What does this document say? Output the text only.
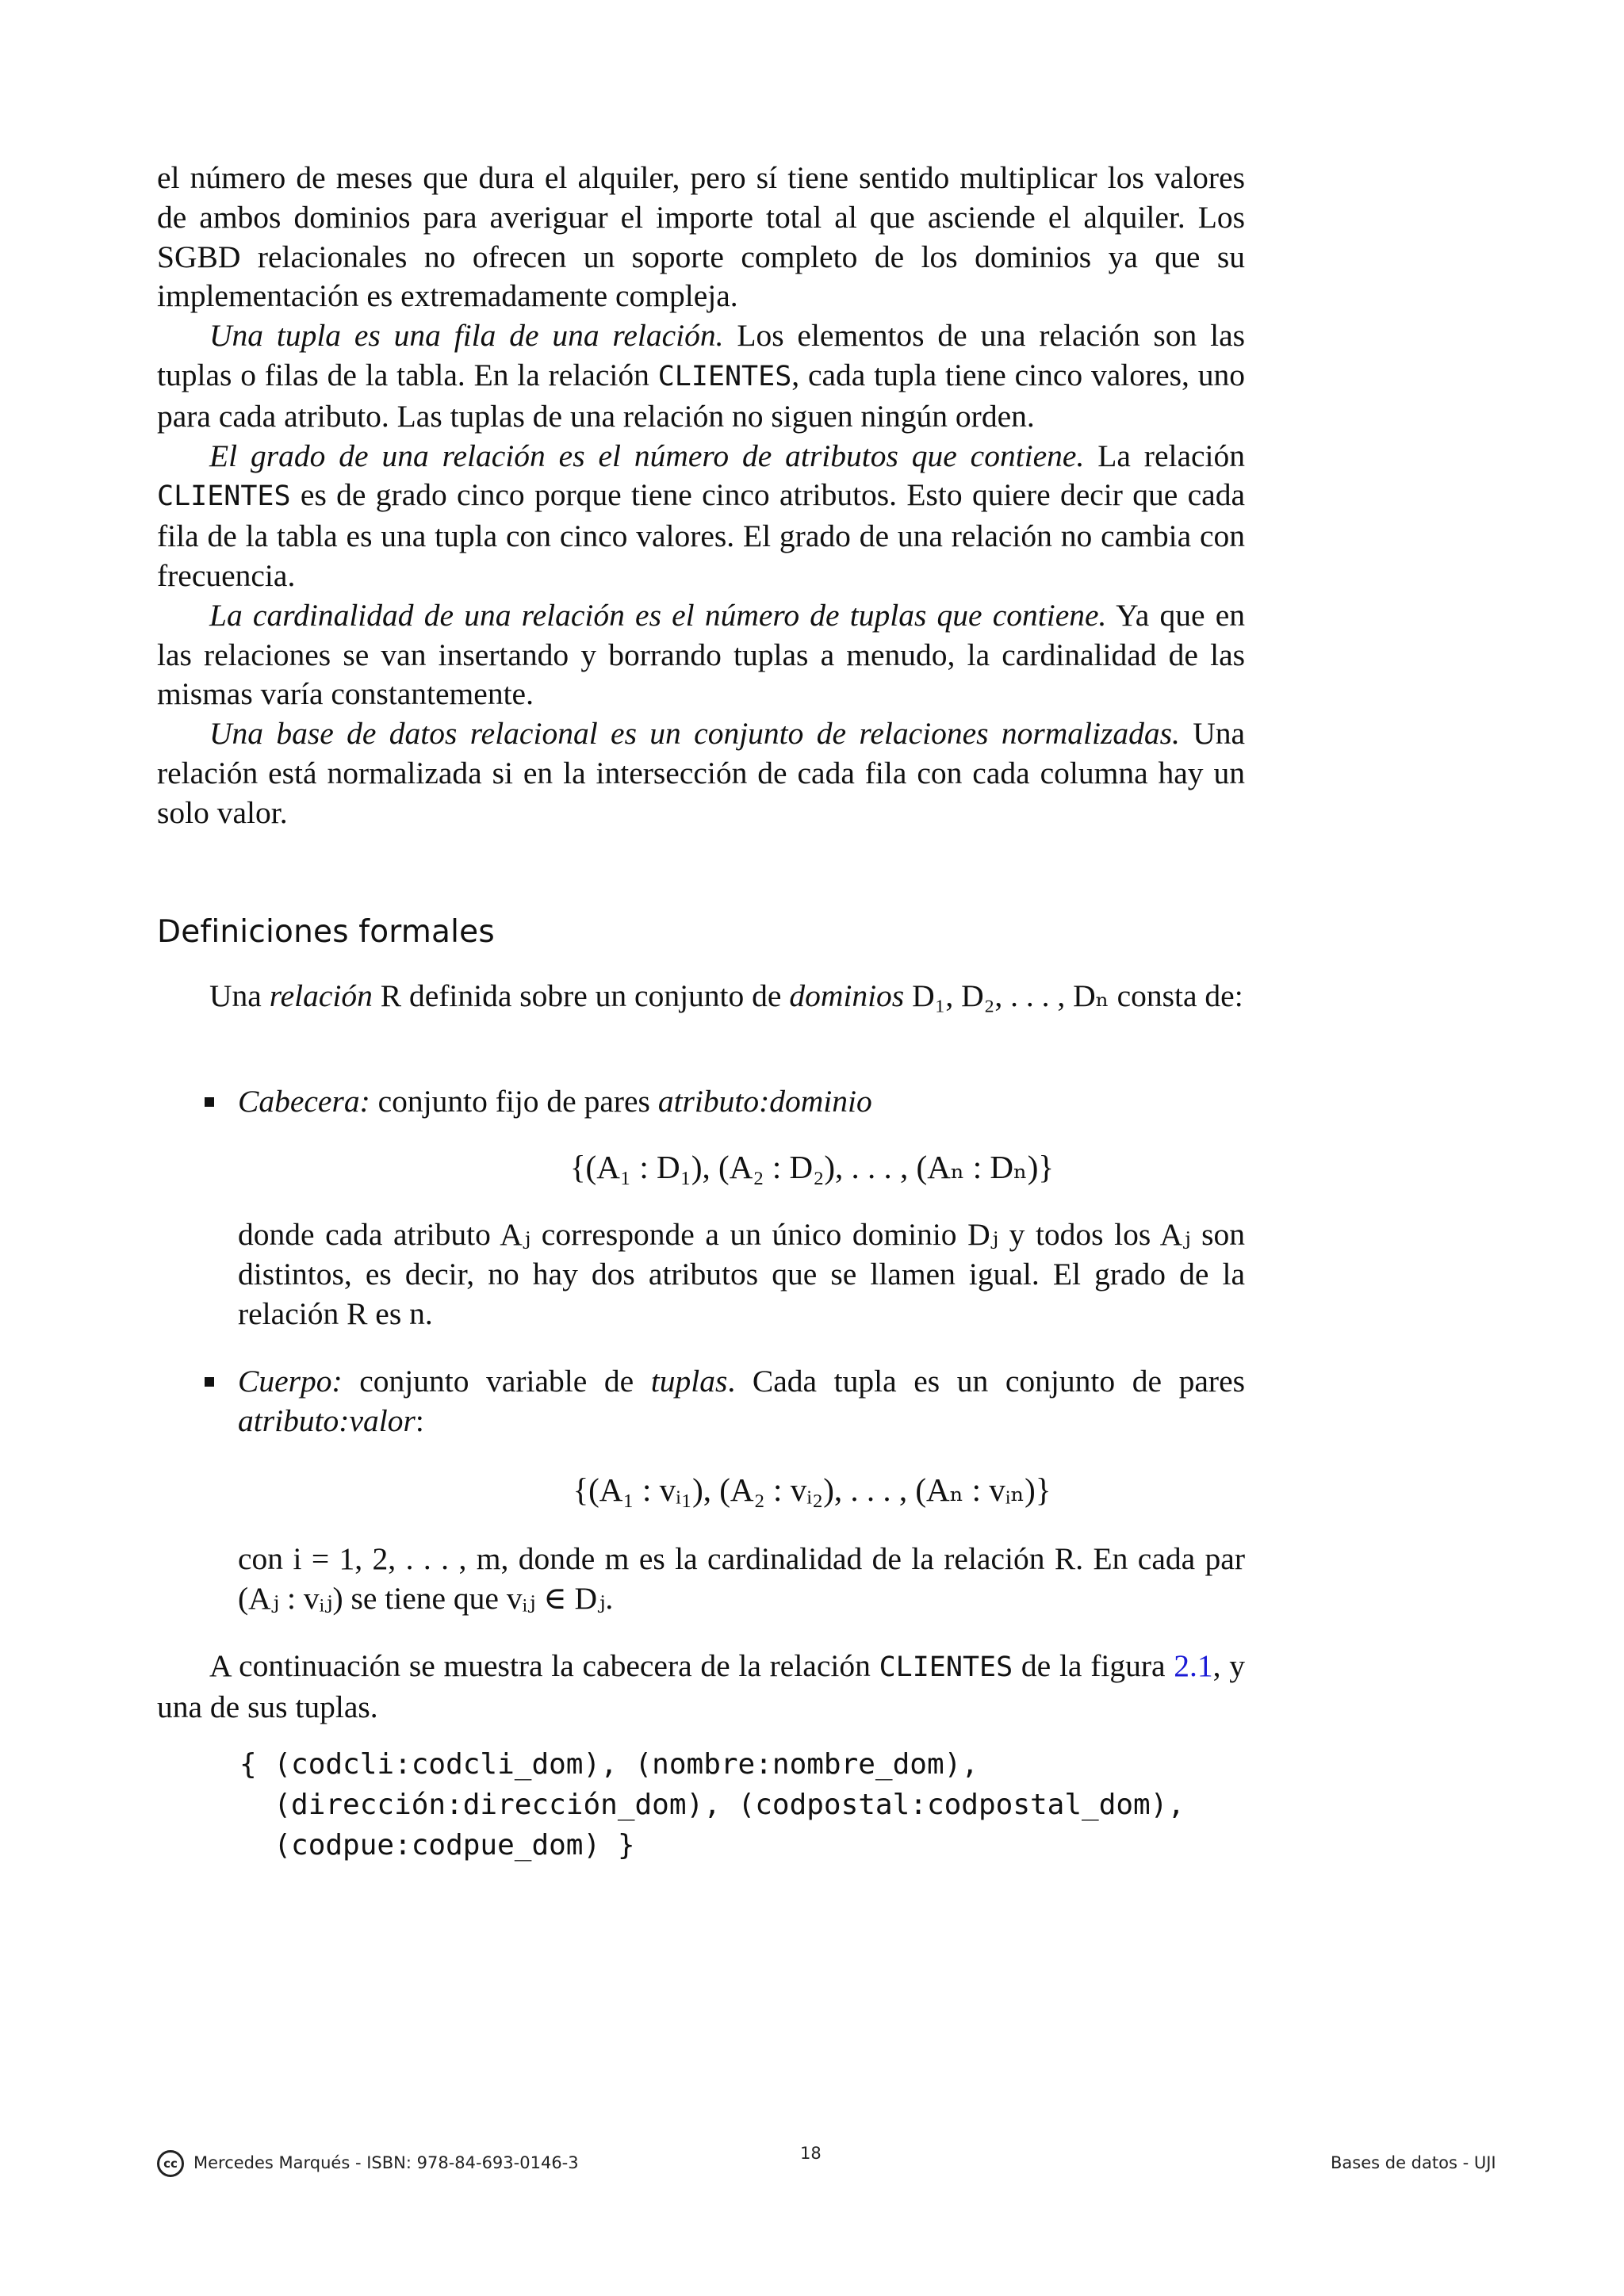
el número de meses que dura el alquiler, pero sí tiene sentido multiplicar los valores de ambos dominios para averiguar el importe total al que asciende el alquiler. Los SGBD relacionales no ofrecen un soporte completo de los dominios ya que su implementación es extremadamente compleja.

Una tupla es una fila de una relación. Los elementos de una relación son las tuplas o filas de la tabla. En la relación CLIENTES, cada tupla tiene cinco valores, uno para cada atributo. Las tuplas de una relación no siguen ningún orden.

El grado de una relación es el número de atributos que contiene. La relación CLIENTES es de grado cinco porque tiene cinco atributos. Esto quiere decir que cada fila de la tabla es una tupla con cinco valores. El grado de una relación no cambia con frecuencia.

La cardinalidad de una relación es el número de tuplas que contiene. Ya que en las relaciones se van insertando y borrando tuplas a menudo, la cardinalidad de las mismas varía constantemente.

Una base de datos relacional es un conjunto de relaciones normalizadas. Una relación está normalizada si en la intersección de cada fila con cada columna hay un solo valor.

Definiciones formales

Una relación R definida sobre un conjunto de dominios D₁, D₂, . . . , Dₙ consta de:

Cabecera: conjunto fijo de pares atributo:dominio
{(A₁ : D₁), (A₂ : D₂), . . . , (Aₙ : Dₙ)}
donde cada atributo Aⱼ corresponde a un único dominio Dⱼ y todos los Aⱼ son distintos, es decir, no hay dos atributos que se llamen igual. El grado de la relación R es n.
Cuerpo: conjunto variable de tuplas. Cada tupla es un conjunto de pares atributo:valor:
{(A₁ : vᵢ₁), (A₂ : vᵢ₂), . . . , (Aₙ : vᵢₙ)}
con i = 1, 2, . . . , m, donde m es la cardinalidad de la relación R. En cada par (Aⱼ : vᵢⱼ) se tiene que vᵢⱼ ∈ Dⱼ.

A continuación se muestra la cabecera de la relación CLIENTES de la figura 2.1, y una de sus tuplas.

{ (codcli:codcli_dom), (nombre:nombre_dom),
(dirección:dirección_dom), (codpostal:codpostal_dom),
(codpue:codpue_dom) }
cc Mercedes Marqués - ISBN: 978-84-693-0146-3	18	Bases de datos - UJI
